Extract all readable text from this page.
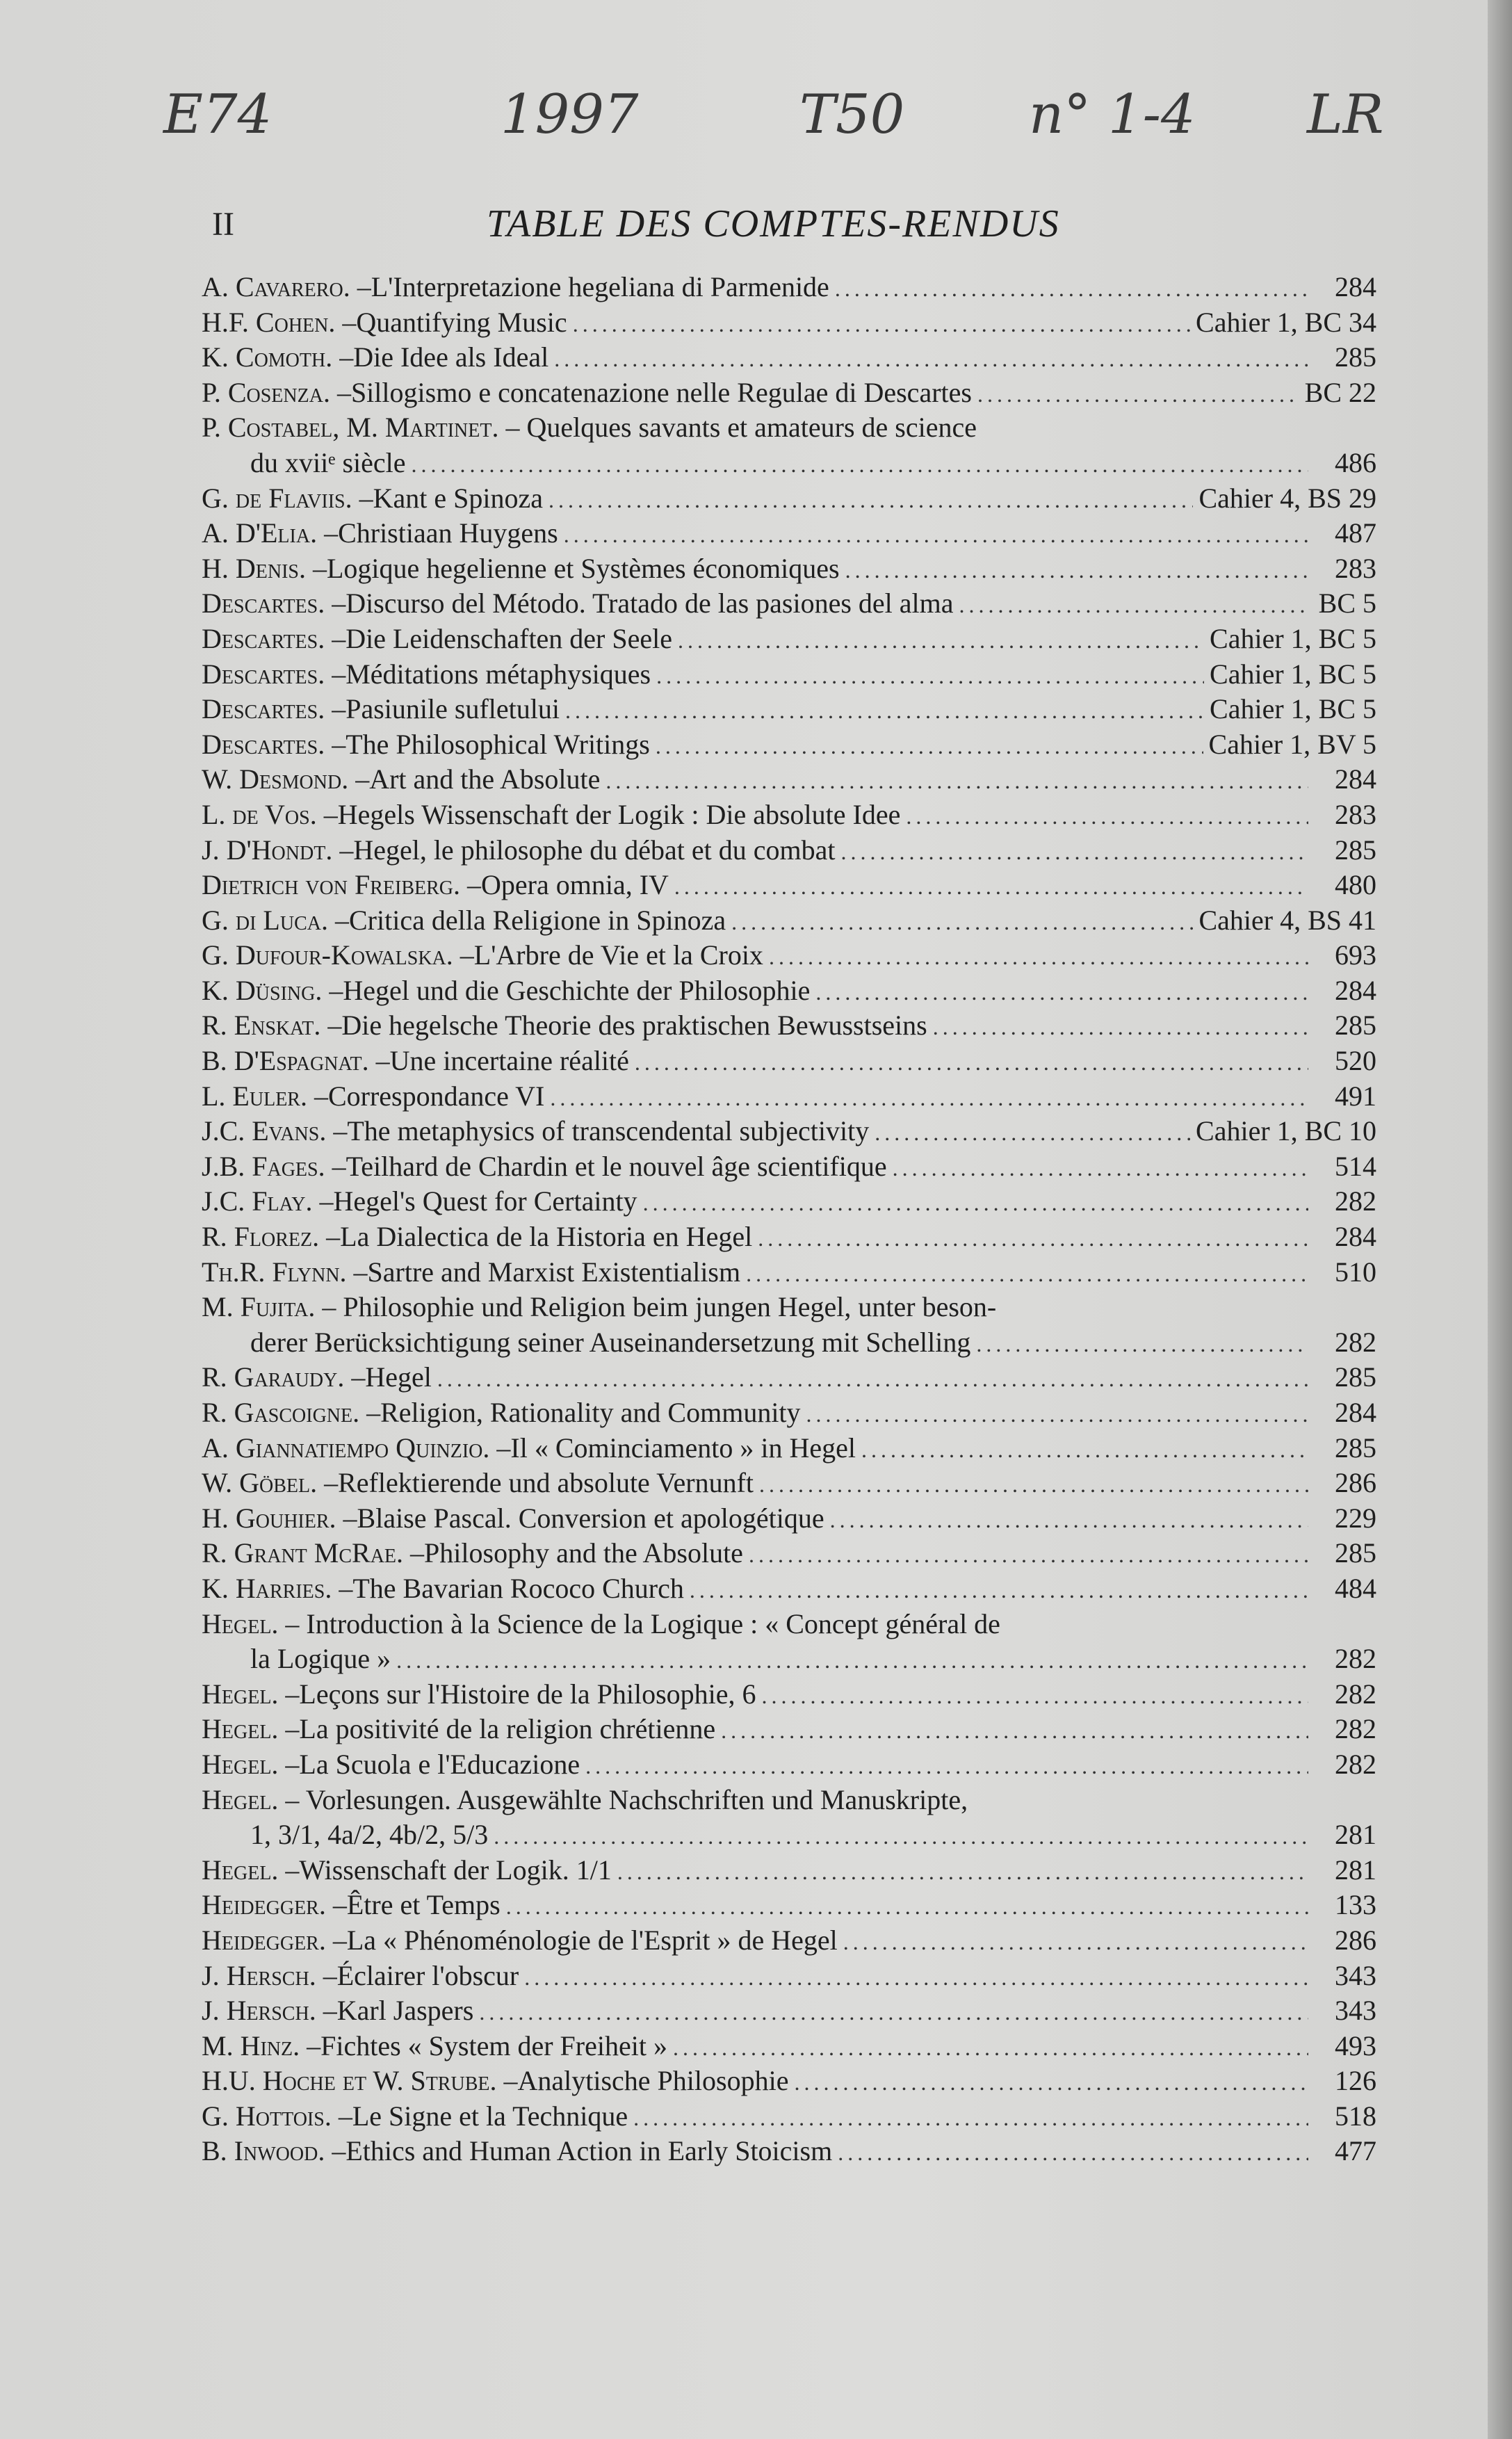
E74	1997	T50 n° 1-4 LR
II	TABLE DES COMPTES-RENDUS
A. Cavarero . – L'Interpretazione hegeliana di Parmenide .....	284
H.F. Cohen . – Quantifying Music .....	Cahier 1, BC 34
K. Comoth . – Die Idee als Ideal .....	285
P. Cosenza . – Sillogismo e concatenazione nelle Regulae di Descartes .....	BC 22
P. Costabel, M. Martinet. – Quelques savants et amateurs de science
du xviiᵉ siècle .....	486
G. de Flaviis . – Kant e Spinoza .....	Cahier 4, BS 29
A. D'Elia . – Christiaan Huygens .....	487
H. Denis . – Logique hegelienne et Systèmes économiques .....	283
Descartes . – Discurso del Método. Tratado de las pasiones del alma .....	BC 5
Descartes . – Die Leidenschaften der Seele .....	Cahier 1, BC 5
Descartes . – Méditations métaphysiques .....	Cahier 1, BC 5
Descartes . – Pasiunile sufletului .....	Cahier 1, BC 5
Descartes . – The Philosophical Writings .....	Cahier 1, BV 5
W. Desmond . – Art and the Absolute .....	284
L. de Vos . – Hegels Wissenschaft der Logik : Die absolute Idee .....	283
J. D'Hondt . – Hegel, le philosophe du débat et du combat .....	285
Dietrich von Freiberg . – Opera omnia, IV .....	480
G. di Luca . – Critica della Religione in Spinoza .....	Cahier 4, BS 41
G. Dufour-Kowalska . – L'Arbre de Vie et la Croix .....	693
K. Düsing . – Hegel und die Geschichte der Philosophie .....	284
R. Enskat . – Die hegelsche Theorie des praktischen Bewusstseins .....	285
B. D'Espagnat . – Une incertaine réalité .....	520
L. Euler . – Correspondance VI .....	491
J.C. Evans . – The metaphysics of transcendental subjectivity .....	Cahier 1, BC 10
J.B. Fages . – Teilhard de Chardin et le nouvel âge scientifique .....	514
J.C. Flay . – Hegel's Quest for Certainty .....	282
R. Florez . – La Dialectica de la Historia en Hegel .....	284
Th.R. Flynn . – Sartre and Marxist Existentialism .....	510
M. Fujita. – Philosophie und Religion beim jungen Hegel, unter beson-
derer Berücksichtigung seiner Auseinandersetzung mit Schelling .....	282
R. Garaudy . – Hegel .....	285
R. Gascoigne . – Religion, Rationality and Community .....	284
A. Giannatiempo Quinzio . – Il « Cominciamento » in Hegel .....	285
W. Göbel . – Reflektierende und absolute Vernunft .....	286
H. Gouhier . – Blaise Pascal. Conversion et apologétique .....	229
R. Grant McRae . – Philosophy and the Absolute .....	285
K. Harries . – The Bavarian Rococo Church .....	484
Hegel. – Introduction à la Science de la Logique : « Concept général de
la Logique » .....	282
Hegel . – Leçons sur l'Histoire de la Philosophie, 6 .....	282
Hegel . – La positivité de la religion chrétienne .....	282
Hegel . – La Scuola e l'Educazione .....	282
Hegel. – Vorlesungen. Ausgewählte Nachschriften und Manuskripte,
1, 3/1, 4a/2, 4b/2, 5/3 .....	281
Hegel . – Wissenschaft der Logik. 1/1 .....	281
Heidegger . – Être et Temps .....	133
Heidegger . – La « Phénoménologie de l'Esprit » de Hegel .....	286
J. Hersch . – Éclairer l'obscur .....	343
J. Hersch . – Karl Jaspers .....	343
M. Hinz . – Fichtes « System der Freiheit » .....	493
H.U. Hoche et W. Strube . – Analytische Philosophie .....	126
G. Hottois . – Le Signe et la Technique .....	518
B. Inwood . – Ethics and Human Action in Early Stoicism .....	477
